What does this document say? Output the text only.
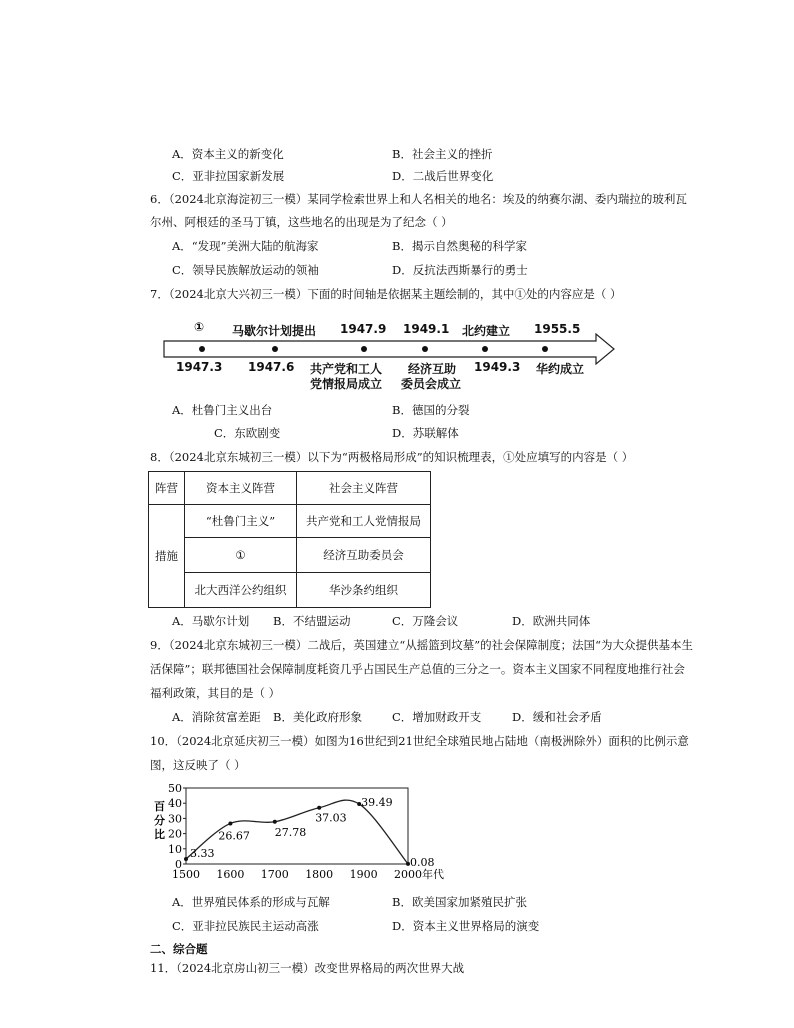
A．资本主义的新变化	B．社会主义的挫折
C．亚非拉国家新发展	D．二战后世界变化
6．（2024北京海淀初三一模）某同学检索世界上和人名相关的地名：埃及的纳赛尔湖、委内瑞拉的玻利瓦
尔州、阿根廷的圣马丁镇，这些地名的出现是为了纪念（ ）
A．“发现”美洲大陆的航海家	B．揭示自然奥秘的科学家
C．领导民族解放运动的领袖	D．反抗法西斯暴行的勇士
7．（2024北京大兴初三一模）下面的时间轴是依据某主题绘制的，其中①处的内容应是（ ）
① 马歇尔计划提出 1947.9 1949.1 北约建立 1955.5
1947.3 1947.6 共产党和工人
党情报局成立
经济互助
委员会成立
1949.3 华约成立
A．杜鲁门主义出台	B．德国的分裂
C．东欧剧变	D．苏联解体
8．（2024北京东城初三一模）以下为“两极格局形成”的知识梳理表，①处应填写的内容是（ ）
阵营	资本主义阵营	社会主义阵营
措施	“杜鲁门主义”	共产党和工人党情报局
	①	经济互助委员会
	北大西洋公约组织	华沙条约组织
A．马歇尔计划 B．不结盟运动	C．万隆会议	D．欧洲共同体
9．（2024北京东城初三一模）二战后，英国建立“从摇篮到坟墓”的社会保障制度；法国“为大众提供基本生
活保障”；联邦德国社会保障制度耗资几乎占国民生产总值的三分之一。资本主义国家不同程度地推行社会
福利政策，其目的是（ ）
A．消除贫富差距 B．美化政府形象	C．增加财政开支	D．缓和社会矛盾
10．（2024北京延庆初三一模）如图为16世纪到21世纪全球殖民地占陆地（南极洲除外）面积的比例示意
图，这反映了（ ）
0
10
20
30
40
50
1500 1600 1700 1800 1900 2000 年代
百
分
比
3.33
26.67 27.78
37.03
39.49
0.08
A．世界殖民体系的形成与瓦解	B．欧美国家加紧殖民扩张
C．亚非拉民族民主运动高涨	D．资本主义世界格局的演变
二、综合题
11．（2024北京房山初三一模）改变世界格局的两次世界大战
